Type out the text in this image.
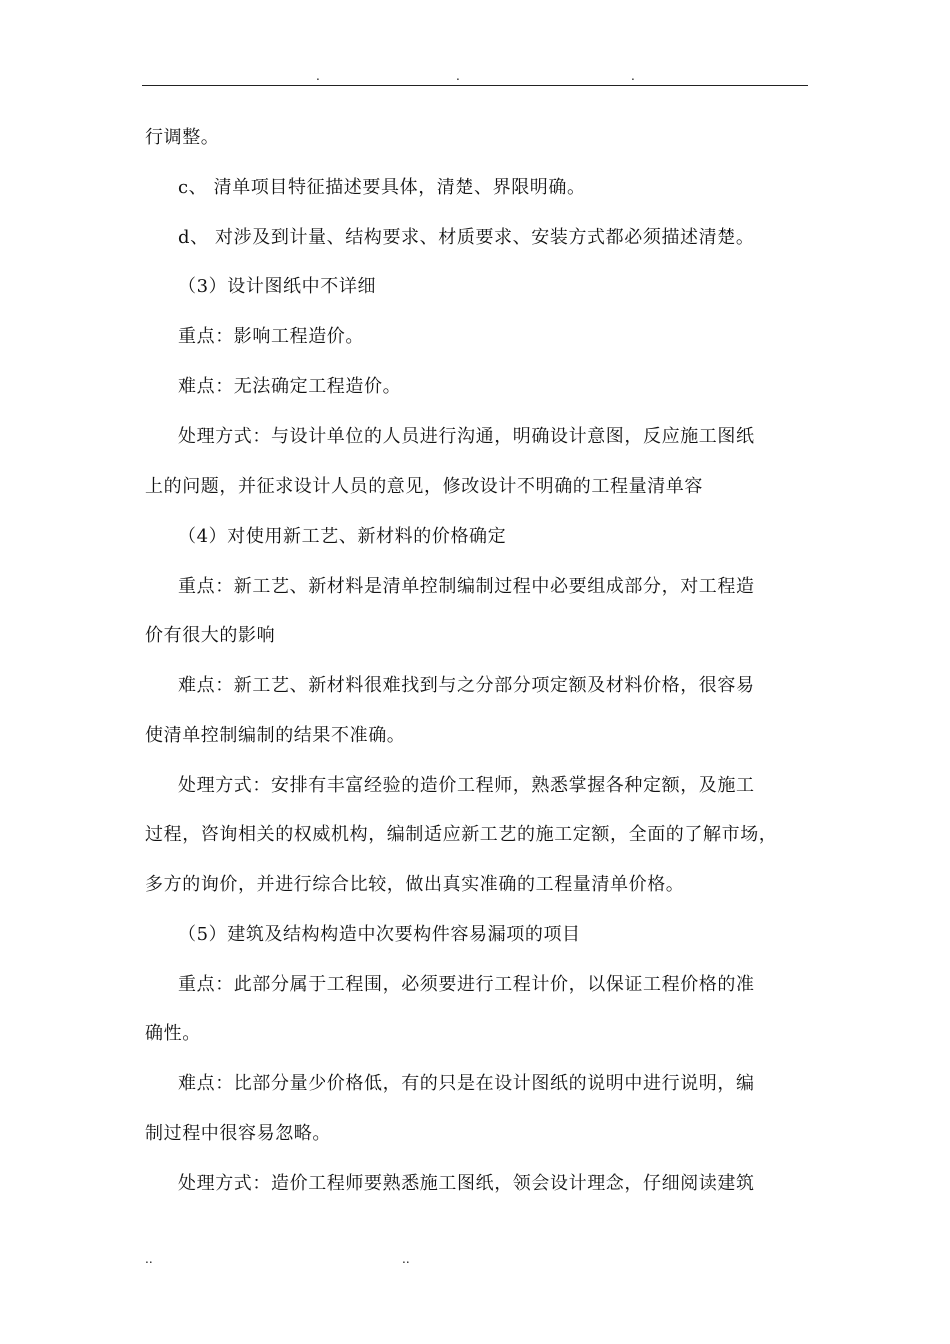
.	.	.
行调整。
c、 清单项目特征描述要具体，清楚、界限明确。
d、 对涉及到计量、结构要求、材质要求、安装方式都必须描述清楚。
（3）设计图纸中不详细
重点：影响工程造价。
难点：无法确定工程造价。
处理方式：与设计单位的人员进行沟通，明确设计意图，反应施工图纸
上的问题，并征求设计人员的意见，修改设计不明确的工程量清单容
（4）对使用新工艺、新材料的价格确定
重点：新工艺、新材料是清单控制编制过程中必要组成部分，对工程造
价有很大的影响
难点：新工艺、新材料很难找到与之分部分项定额及材料价格，很容易
使清单控制编制的结果不准确。
处理方式：安排有丰富经验的造价工程师，熟悉掌握各种定额，及施工
过程，咨询相关的权威机构，编制适应新工艺的施工定额，全面的了解市场，
多方的询价，并进行综合比较，做出真实准确的工程量清单价格。
（5）建筑及结构构造中次要构件容易漏项的项目
重点：此部分属于工程围，必须要进行工程计价，以保证工程价格的准
确性。
难点：比部分量少价格低，有的只是在设计图纸的说明中进行说明，编
制过程中很容易忽略。
处理方式：造价工程师要熟悉施工图纸，领会设计理念，仔细阅读建筑
..	..
